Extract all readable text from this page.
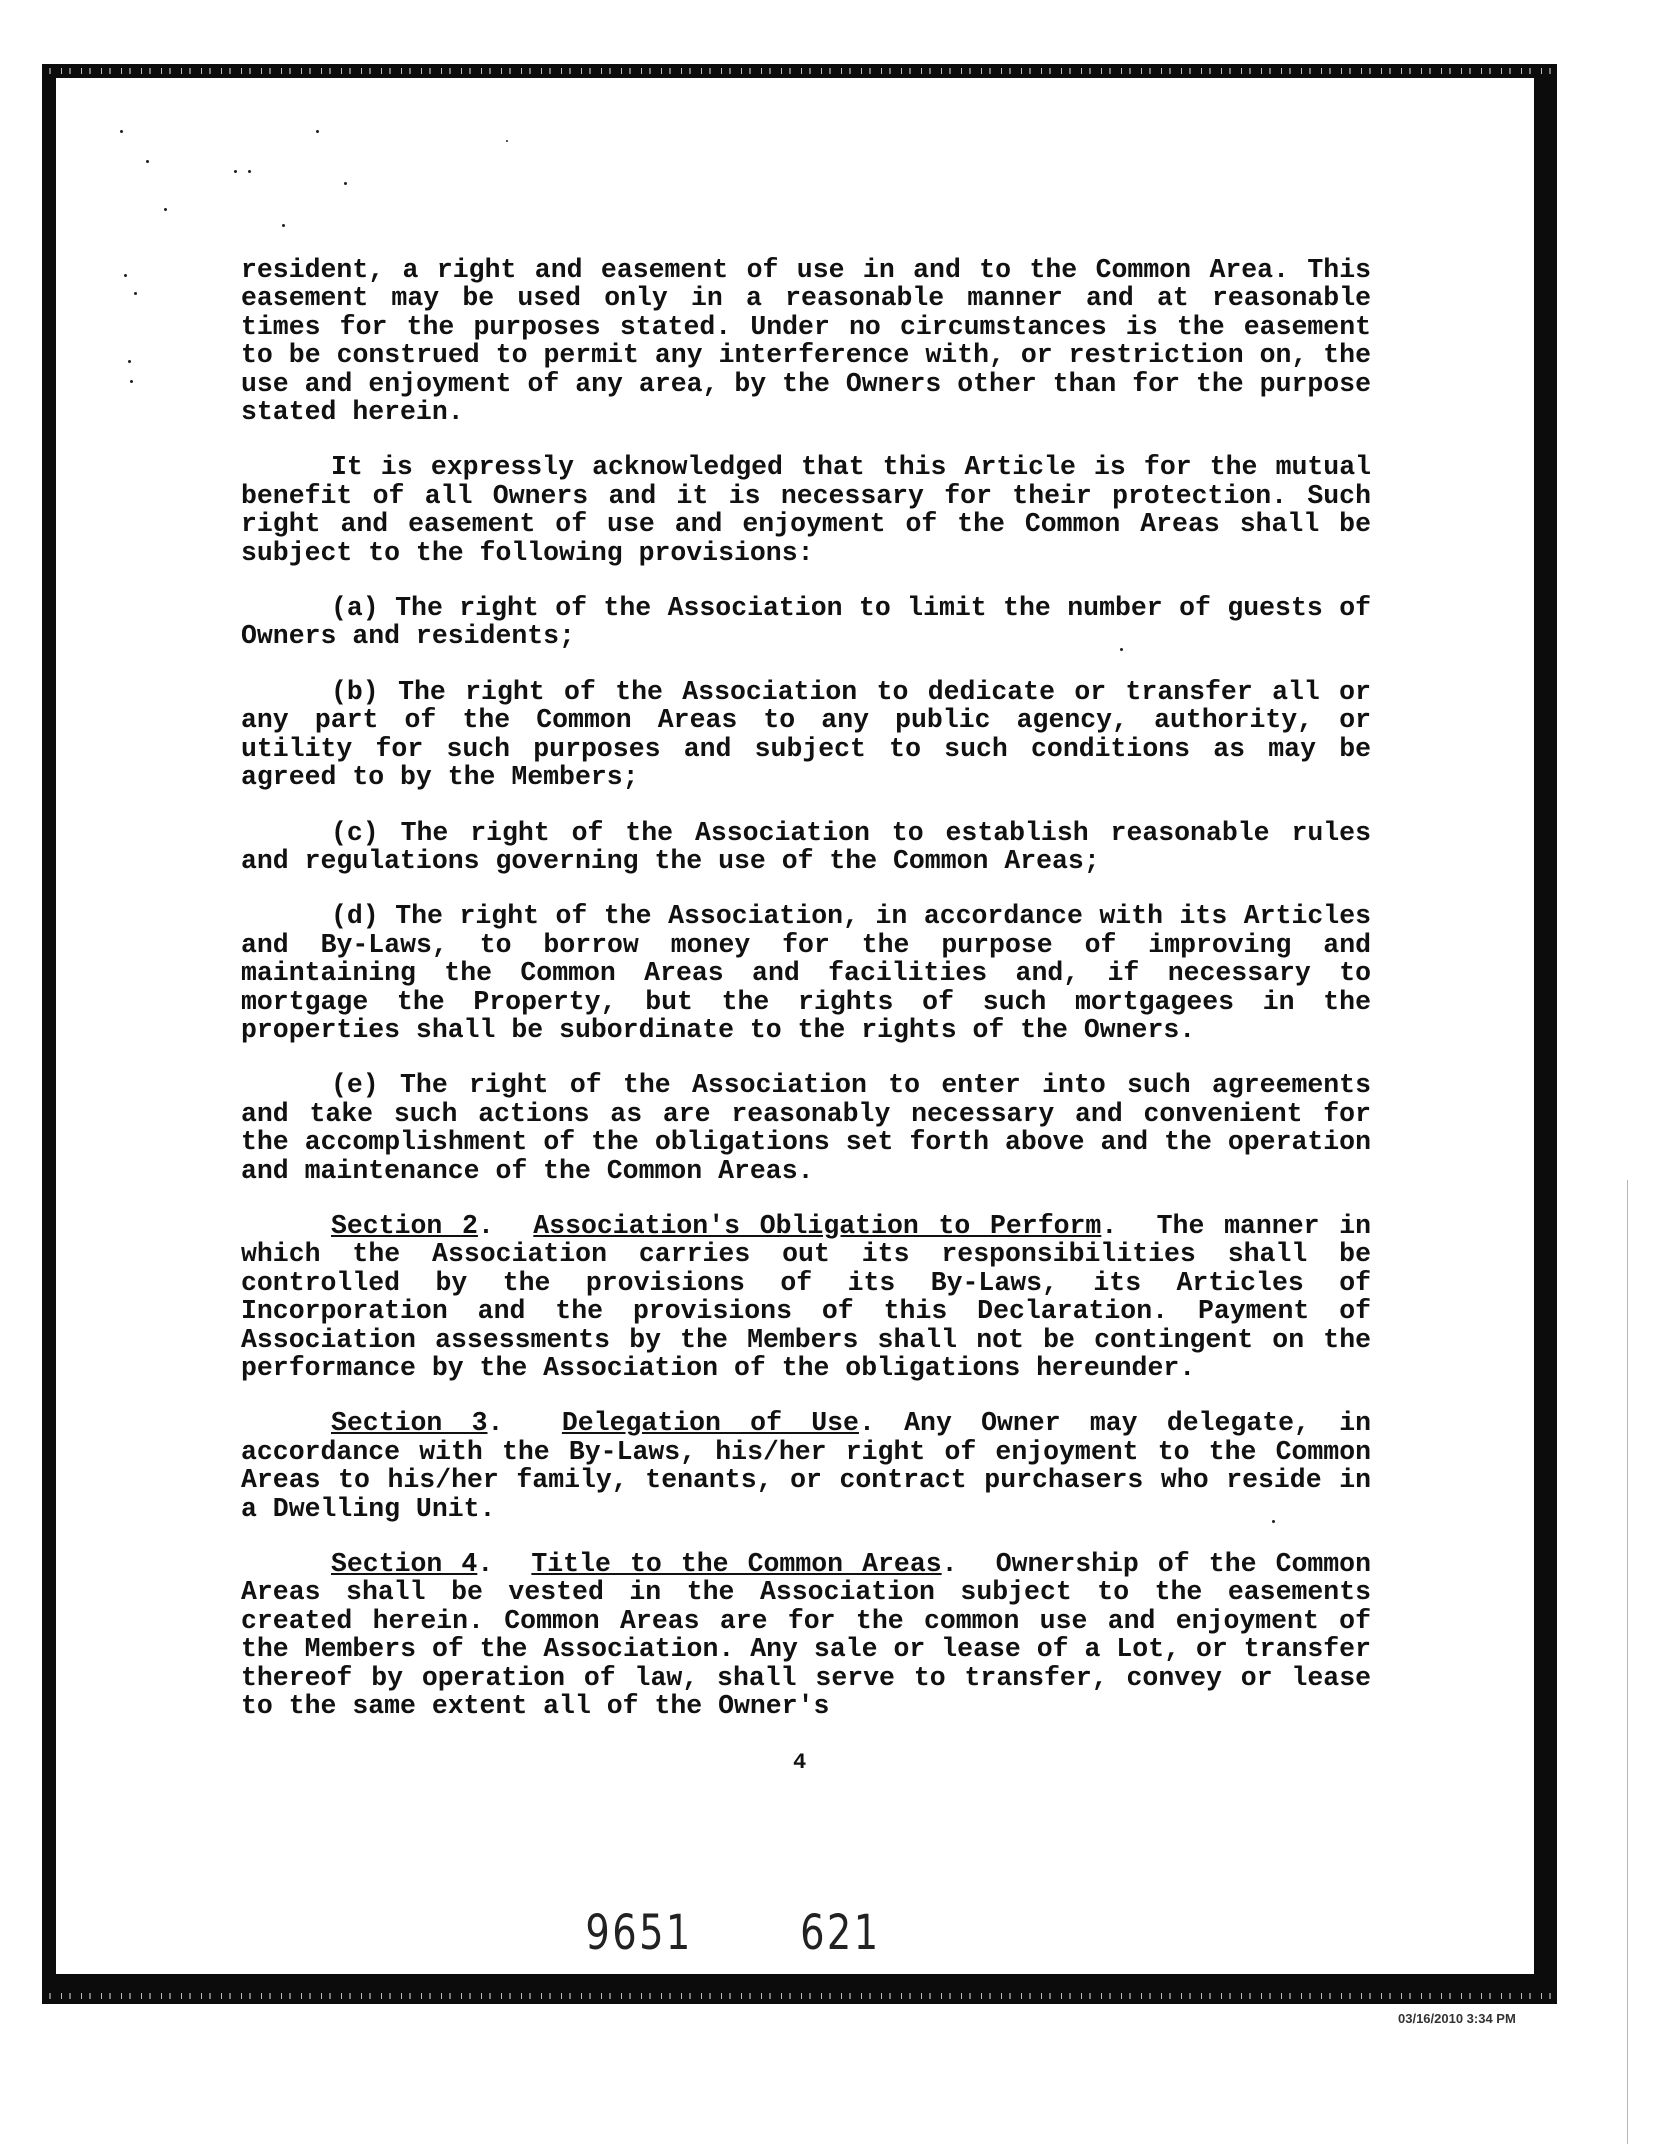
resident, a right and easement of use in and to the Common Area. This easement may be used only in a reasonable manner and at reasonable times for the purposes stated. Under no circumstances is the easement to be construed to permit any interference with, or restriction on, the use and enjoyment of any area, by the Owners other than for the purpose stated herein.

It is expressly acknowledged that this Article is for the mutual benefit of all Owners and it is necessary for their protection. Such right and easement of use and enjoyment of the Common Areas shall be subject to the following provisions:

(a) The right of the Association to limit the number of guests of Owners and residents;

(b) The right of the Association to dedicate or transfer all or any part of the Common Areas to any public agency, authority, or utility for such purposes and subject to such conditions as may be agreed to by the Members;

(c) The right of the Association to establish reasonable rules and regulations governing the use of the Common Areas;

(d) The right of the Association, in accordance with its Articles and By-Laws, to borrow money for the purpose of improving and maintaining the Common Areas and facilities and, if necessary to mortgage the Property, but the rights of such mortgagees in the properties shall be subordinate to the rights of the Owners.

(e) The right of the Association to enter into such agreements and take such actions as are reasonably necessary and convenient for the accomplishment of the obligations set forth above and the operation and maintenance of the Common Areas.

Section 2.  Association's Obligation to Perform.  The manner in which the Association carries out its responsibilities shall be controlled by the provisions of its By-Laws, its Articles of Incorporation and the provisions of this Declaration. Payment of Association assessments by the Members shall not be contingent on the performance by the Association of the obligations hereunder.

Section 3.  Delegation of Use. Any Owner may delegate, in accordance with the By-Laws, his/her right of enjoyment to the Common Areas to his/her family, tenants, or contract purchasers who reside in a Dwelling Unit.

Section 4.  Title to the Common Areas.  Ownership of the Common Areas shall be vested in the Association subject to the easements created herein. Common Areas are for the common use and enjoyment of the Members of the Association. Any sale or lease of a Lot, or transfer thereof by operation of law, shall serve to transfer, convey or lease to the same extent all of the Owner's

4
9651 621
03/16/2010 3:34 PM
